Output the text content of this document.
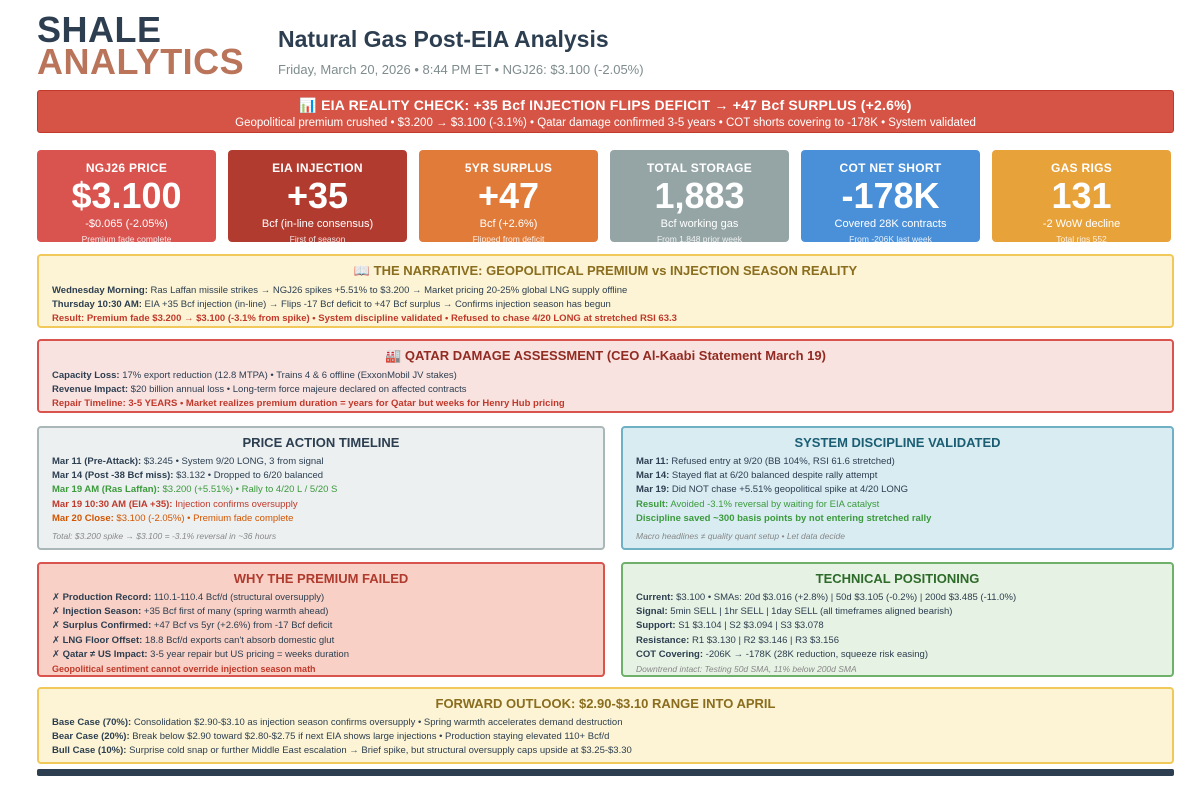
SHALE
ANALYTICS
Natural Gas Post-EIA Analysis
Friday, March 20, 2026 • 8:44 PM ET • NGJ26: $3.100 (-2.05%)
📊 EIA REALITY CHECK: +35 Bcf INJECTION FLIPS DEFICIT → +47 Bcf SURPLUS (+2.6%)
Geopolitical premium crushed • $3.200 → $3.100 (-3.1%) • Qatar damage confirmed 3-5 years • COT shorts covering to -178K • System validated
NGJ26 PRICE
$3.100
-$0.065 (-2.05%)
Premium fade complete
EIA INJECTION
+35
Bcf (in-line consensus)
First of season
5YR SURPLUS
+47
Bcf (+2.6%)
Flipped from deficit
TOTAL STORAGE
1,883
Bcf working gas
From 1,848 prior week
COT NET SHORT
-178K
Covered 28K contracts
From -206K last week
GAS RIGS
131
-2 WoW decline
Total rigs 552
📖 THE NARRATIVE: GEOPOLITICAL PREMIUM vs INJECTION SEASON REALITY
Wednesday Morning: Ras Laffan missile strikes → NGJ26 spikes +5.51% to $3.200 → Market pricing 20-25% global LNG supply offline
Thursday 10:30 AM: EIA +35 Bcf injection (in-line) → Flips -17 Bcf deficit to +47 Bcf surplus → Confirms injection season has begun
Result: Premium fade $3.200 → $3.100 (-3.1% from spike) • System discipline validated • Refused to chase 4/20 LONG at stretched RSI 63.3
🏭 QATAR DAMAGE ASSESSMENT (CEO Al-Kaabi Statement March 19)
Capacity Loss: 17% export reduction (12.8 MTPA) • Trains 4 & 6 offline (ExxonMobil JV stakes)
Revenue Impact: $20 billion annual loss • Long-term force majeure declared on affected contracts
Repair Timeline: 3-5 YEARS • Market realizes premium duration = years for Qatar but weeks for Henry Hub pricing
PRICE ACTION TIMELINE
Mar 11 (Pre-Attack): $3.245 • System 9/20 LONG, 3 from signal
Mar 14 (Post -38 Bcf miss): $3.132 • Dropped to 6/20 balanced
Mar 19 AM (Ras Laffan): $3.200 (+5.51%) • Rally to 4/20 L / 5/20 S
Mar 19 10:30 AM (EIA +35): Injection confirms oversupply
Mar 20 Close: $3.100 (-2.05%) • Premium fade complete
Total: $3.200 spike → $3.100 = -3.1% reversal in ~36 hours
SYSTEM DISCIPLINE VALIDATED
Mar 11: Refused entry at 9/20 (BB 104%, RSI 61.6 stretched)
Mar 14: Stayed flat at 6/20 balanced despite rally attempt
Mar 19: Did NOT chase +5.51% geopolitical spike at 4/20 LONG
Result: Avoided -3.1% reversal by waiting for EIA catalyst
Discipline saved ~300 basis points by not entering stretched rally
Macro headlines ≠ quality quant setup • Let data decide
WHY THE PREMIUM FAILED
✗ Production Record: 110.1-110.4 Bcf/d (structural oversupply)
✗ Injection Season: +35 Bcf first of many (spring warmth ahead)
✗ Surplus Confirmed: +47 Bcf vs 5yr (+2.6%) from -17 Bcf deficit
✗ LNG Floor Offset: 18.8 Bcf/d exports can't absorb domestic glut
✗ Qatar ≠ US Impact: 3-5 year repair but US pricing = weeks duration
Geopolitical sentiment cannot override injection season math
TECHNICAL POSITIONING
Current: $3.100 • SMAs: 20d $3.016 (+2.8%) | 50d $3.105 (-0.2%) | 200d $3.485 (-11.0%)
Signal: 5min SELL | 1hr SELL | 1day SELL (all timeframes aligned bearish)
Support: S1 $3.104 | S2 $3.094 | S3 $3.078
Resistance: R1 $3.130 | R2 $3.146 | R3 $3.156
COT Covering: -206K → -178K (28K reduction, squeeze risk easing)
Downtrend intact: Testing 50d SMA, 11% below 200d SMA
FORWARD OUTLOOK: $2.90-$3.10 RANGE INTO APRIL
Base Case (70%): Consolidation $2.90-$3.10 as injection season confirms oversupply • Spring warmth accelerates demand destruction
Bear Case (20%): Break below $2.90 toward $2.80-$2.75 if next EIA shows large injections • Production staying elevated 110+ Bcf/d
Bull Case (10%): Surprise cold snap or further Middle East escalation → Brief spike, but structural oversupply caps upside at $3.25-$3.30
